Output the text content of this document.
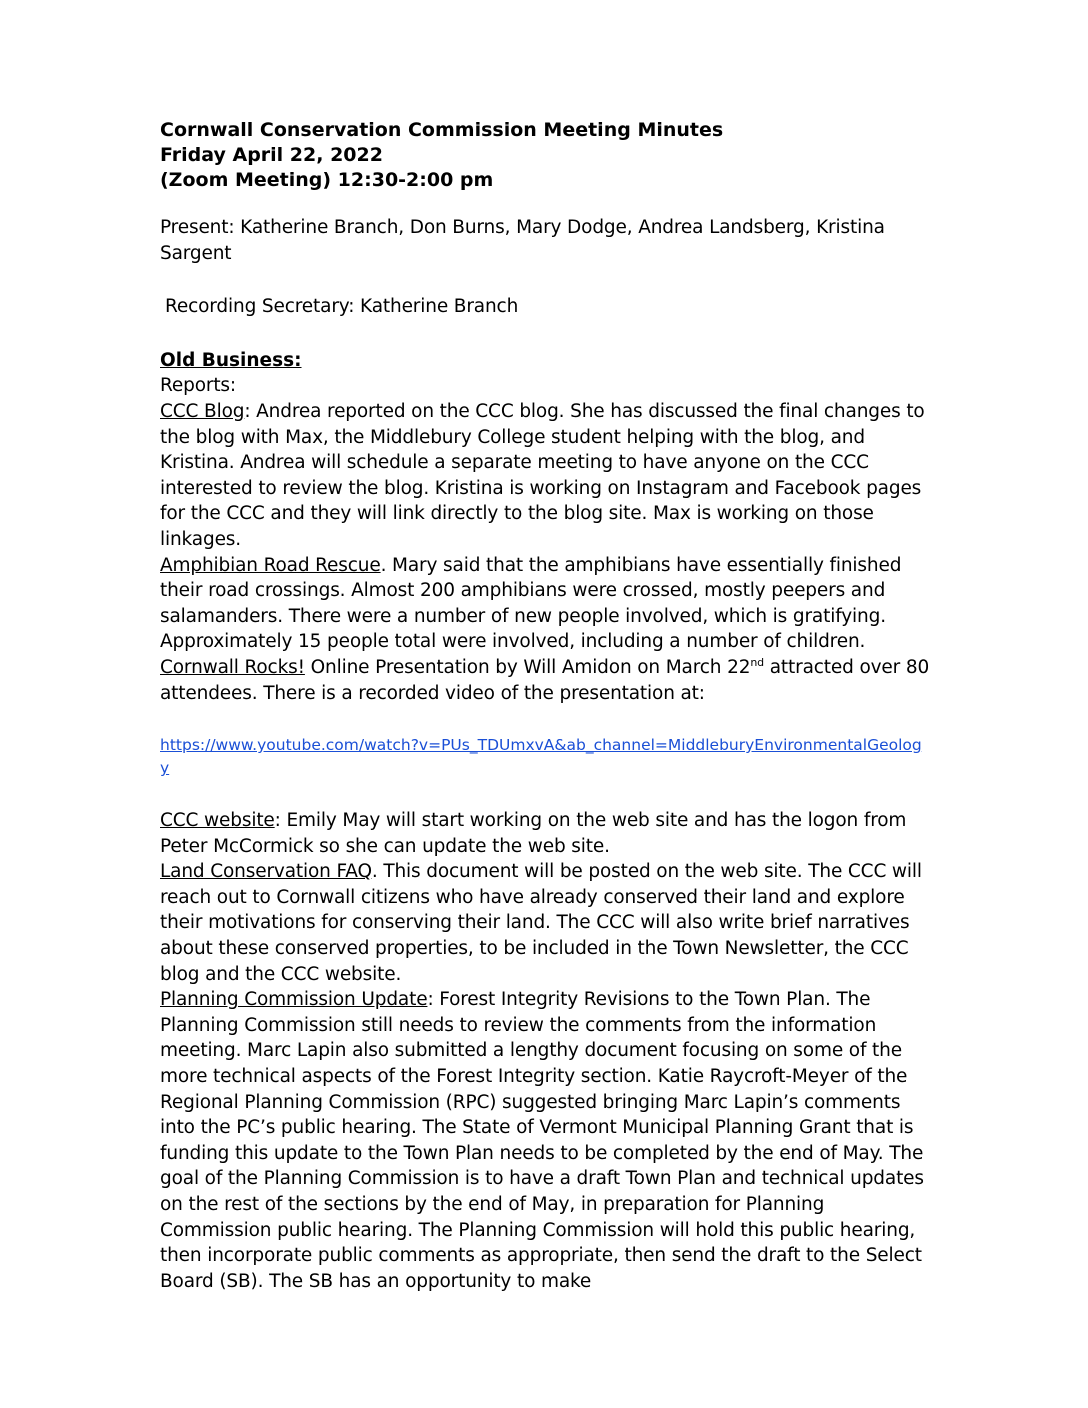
Cornwall Conservation Commission Meeting Minutes

Friday April 22, 2022

(Zoom Meeting) 12:30-2:00 pm

Present: Katherine Branch, Don Burns, Mary Dodge, Andrea Landsberg, Kristina Sargent

Recording Secretary: Katherine Branch

Old Business:

Reports:

CCC Blog: Andrea reported on the CCC blog. She has discussed the final changes to the blog with Max, the Middlebury College student helping with the blog, and Kristina. Andrea will schedule a separate meeting to have anyone on the CCC interested to review the blog. Kristina is working on Instagram and Facebook pages for the CCC and they will link directly to the blog site. Max is working on those linkages.

Amphibian Road Rescue. Mary said that the amphibians have essentially finished their road crossings. Almost 200 amphibians were crossed, mostly peepers and salamanders. There were a number of new people involved, which is gratifying. Approximately 15 people total were involved, including a number of children.

Cornwall Rocks! Online Presentation by Will Amidon on March 22nd attracted over 80 attendees. There is a recorded video of the presentation at:

https://www.youtube.com/watch?v=PUs_TDUmxvA&ab_channel=MiddleburyEnvironmentalGeology

CCC website: Emily May will start working on the web site and has the logon from Peter McCormick so she can update the web site.

Land Conservation FAQ. This document will be posted on the web site. The CCC will reach out to Cornwall citizens who have already conserved their land and explore their motivations for conserving their land. The CCC will also write brief narratives about these conserved properties, to be included in the Town Newsletter, the CCC blog and the CCC website.

Planning Commission Update: Forest Integrity Revisions to the Town Plan. The Planning Commission still needs to review the comments from the information meeting. Marc Lapin also submitted a lengthy document focusing on some of the more technical aspects of the Forest Integrity section. Katie Raycroft-Meyer of the Regional Planning Commission (RPC) suggested bringing Marc Lapin’s comments into the PC’s public hearing. The State of Vermont Municipal Planning Grant that is funding this update to the Town Plan needs to be completed by the end of May. The goal of the Planning Commission is to have a draft Town Plan and technical updates on the rest of the sections by the end of May, in preparation for Planning Commission public hearing. The Planning Commission will hold this public hearing, then incorporate public comments as appropriate, then send the draft to the Select Board (SB). The SB has an opportunity to make
